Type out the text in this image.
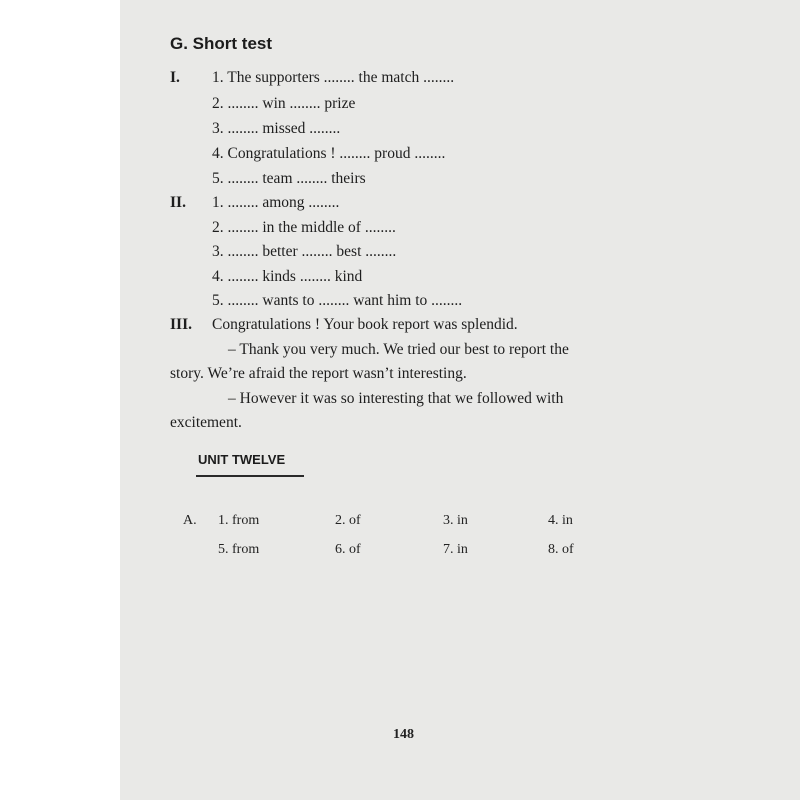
G. Short test
I. 1. The supporters ........ the match ........
2. ........ win ........ prize
3. ........ missed ........
4. Congratulations ! ........ proud ........
5. ........ team ........ theirs
II. 1. ........ among ........
2. ........ in the middle of ........
3. ........ better ........ best ........
4. ........ kinds ........ kind
5. ........ wants to ........ want him to ........
III. Congratulations ! Your book report was splendid.
– Thank you very much. We tried our best to report the
story. We’re afraid the report wasn’t interesting.
– However it was so interesting that we followed with
excitement.
UNIT TWELVE
A. 1. from	2. of	3. in	4. in
5. from	6. of	7. in	8. of
148
